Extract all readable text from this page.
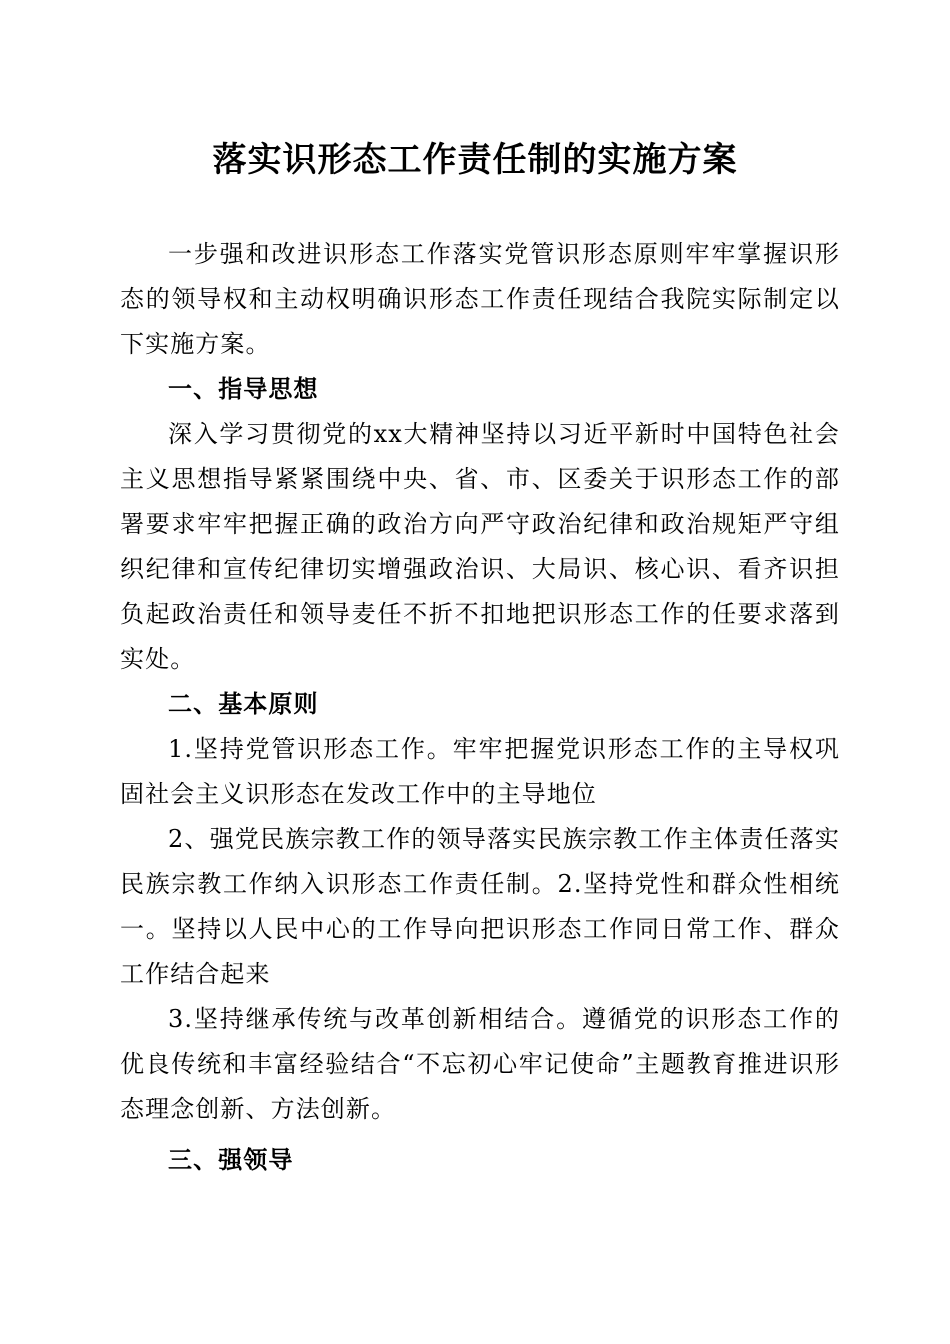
落实识形态工作责任制的实施方案

一步强和改进识形态工作落实党管识形态原则牢牢掌握识形态的领导权和主动权明确识形态工作责任现结合我院实际制定以下实施方案。

一、指导思想

深入学习贯彻党的xx大精神坚持以习近平新时中国特色社会主义思想指导紧紧围绕中央、省、市、区委关于识形态工作的部署要求牢牢把握正确的政治方向严守政治纪律和政治规矩严守组织纪律和宣传纪律切实增强政治识、大局识、核心识、看齐识担负起政治责任和领导麦任不折不扣地把识形态工作的任要求落到实处。

二、基本原则

1.坚持党管识形态工作。牢牢把握党识形态工作的主导权巩固社会主义识形态在发改工作中的主导地位

2、强党民族宗教工作的领导落实民族宗教工作主体责任落实民族宗教工作纳入识形态工作责任制。2.坚持党性和群众性相统一。坚持以人民中心的工作导向把识形态工作同日常工作、群众工作结合起来

3.坚持继承传统与改革创新相结合。遵循党的识形态工作的优良传统和丰富经验结合“不忘初心牢记使命”主题教育推进识形态理念创新、方法创新。

三、强领导
